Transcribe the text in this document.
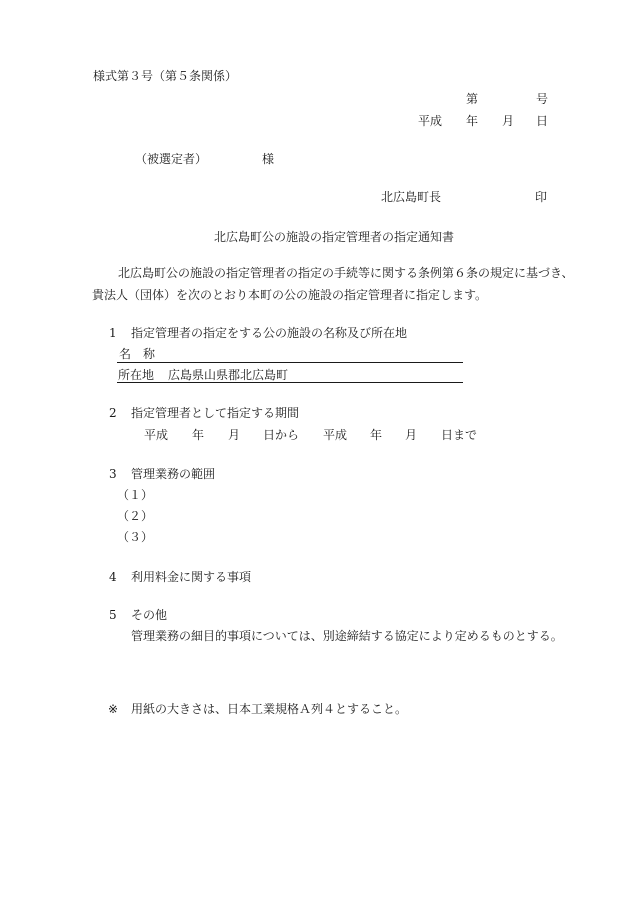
様式第３号（第５条関係）
第	号
平成 年 月 日
（被選定者）	様
北広島町長	印
北広島町公の施設の指定管理者の指定通知書
北広島町公の施設の指定管理者の指定の手続等に関する条例第６条の規定に基づき、
貴法人（団体）を次のとおり本町の公の施設の指定管理者に指定します。
1 指定管理者の指定をする公の施設の名称及び所在地
名　称
所在地 広島県山県郡北広島町
2 指定管理者として指定する期間
平成 年 月 日から 平成 年 月 日まで
3 管理業務の範囲
（１）
（２）
（３）
4 利用料金に関する事項
5 その他
管理業務の細目的事項については、別途締結する協定により定めるものとする。
※ 用紙の大きさは、日本工業規格Ａ列４とすること。
